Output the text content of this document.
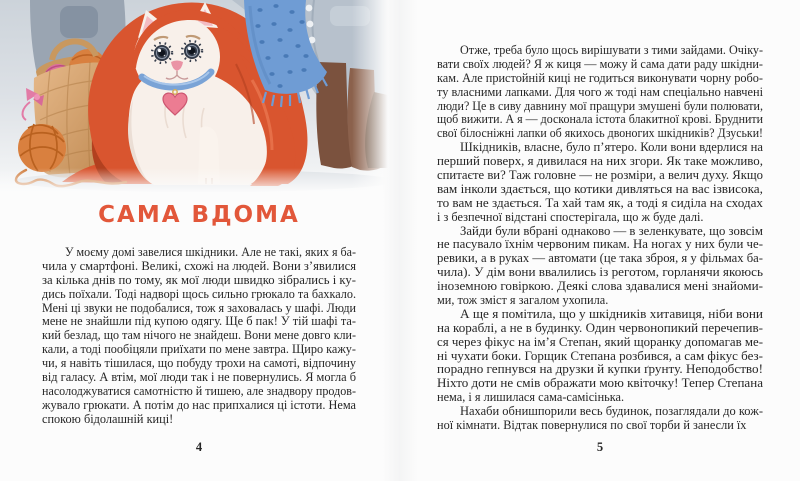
САМА ВДОМА
У моєму домі завелися шкідники. Але не такі, яких я ба-
чила у смартфоні. Великі, схожі на людей. Вони з’явилися
за кілька днів по тому, як мої люди швидко зібрались і ку-
дись поїхали. Тоді надворі щось сильно грюкало та бахкало.
Мені ці звуки не подобалися, тож я заховалась у шафі. Люди
мене не знайшли під купою одягу. Ще б пак! У тій шафі та-
кий безлад, що там нічого не знайдеш. Вони мене довго кли-
кали, а тоді пообіцяли приїхати по мене завтра. Щиро кажу-
чи, я навіть тішилася, що побуду трохи на самоті, відпочину
від галасу. А втім, мої люди так і не повернулись. Я могла б
насолоджуватися самотністю й тишею, але знадвору продов-
жувало грюкати. А потім до нас припхалися ці істоти. Нема
спокою бідолашній киці!
4
Отже, треба було щось вирішувати з тими зайдами. Очіку-
вати своїх людей? Я ж киця — можу й сама дати раду шкідни-
кам. Але пристойній киці не годиться виконувати чорну робо-
ту власними лапками. Для чого ж тоді нам спеціально навчені
люди? Це в сиву давнину мої пращури змушені були полювати,
щоб вижити. А я — досконала істота блакитної крові. Бруднити
свої білосніжні лапки об якихось двоногих шкідників? Дзуськи!
Шкідників, власне, було п’ятеро. Коли вони вдерлися на
перший поверх, я дивилася на них згори. Як таке можливо,
спитаєте ви? Таж головне — не розміри, а велич духу. Якщо
вам інколи здається, що котики дивляться на вас ізвисока,
то вам не здається. Та хай там як, а тоді я сиділа на сходах
і з безпечної відстані спостерігала, що ж буде далі.
Зайди були вбрані однаково — в зеленкувате, що зовсім
не пасувало їхнім червоним пикам. На ногах у них були че-
ревики, а в руках — автомати (це така зброя, я у фільмах ба-
чила). У дім вони ввалились із реготом, горланячи якоюсь
іноземною говіркою. Деякі слова здавалися мені знайоми-
ми, тож зміст я загалом ухопила.
А ще я помітила, що у шкідників хитавиця, ніби вони
на кораблі, а не в будинку. Один червонопикий перечепив-
ся через фікус на ім’я Степан, який щоранку допомагав ме-
ні чухати боки. Горщик Степана розбився, а сам фікус без-
порадно гепнувся на друзки й купки ґрунту. Неподобство!
Ніхто доти не смів ображати мою квіточку! Тепер Степана
нема, і я лишилася сама-самісінька.
Нахаби обнишпорили весь будинок, позаглядали до кож-
ної кімнати. Відтак повернулися по свої торби й занесли їх
5
